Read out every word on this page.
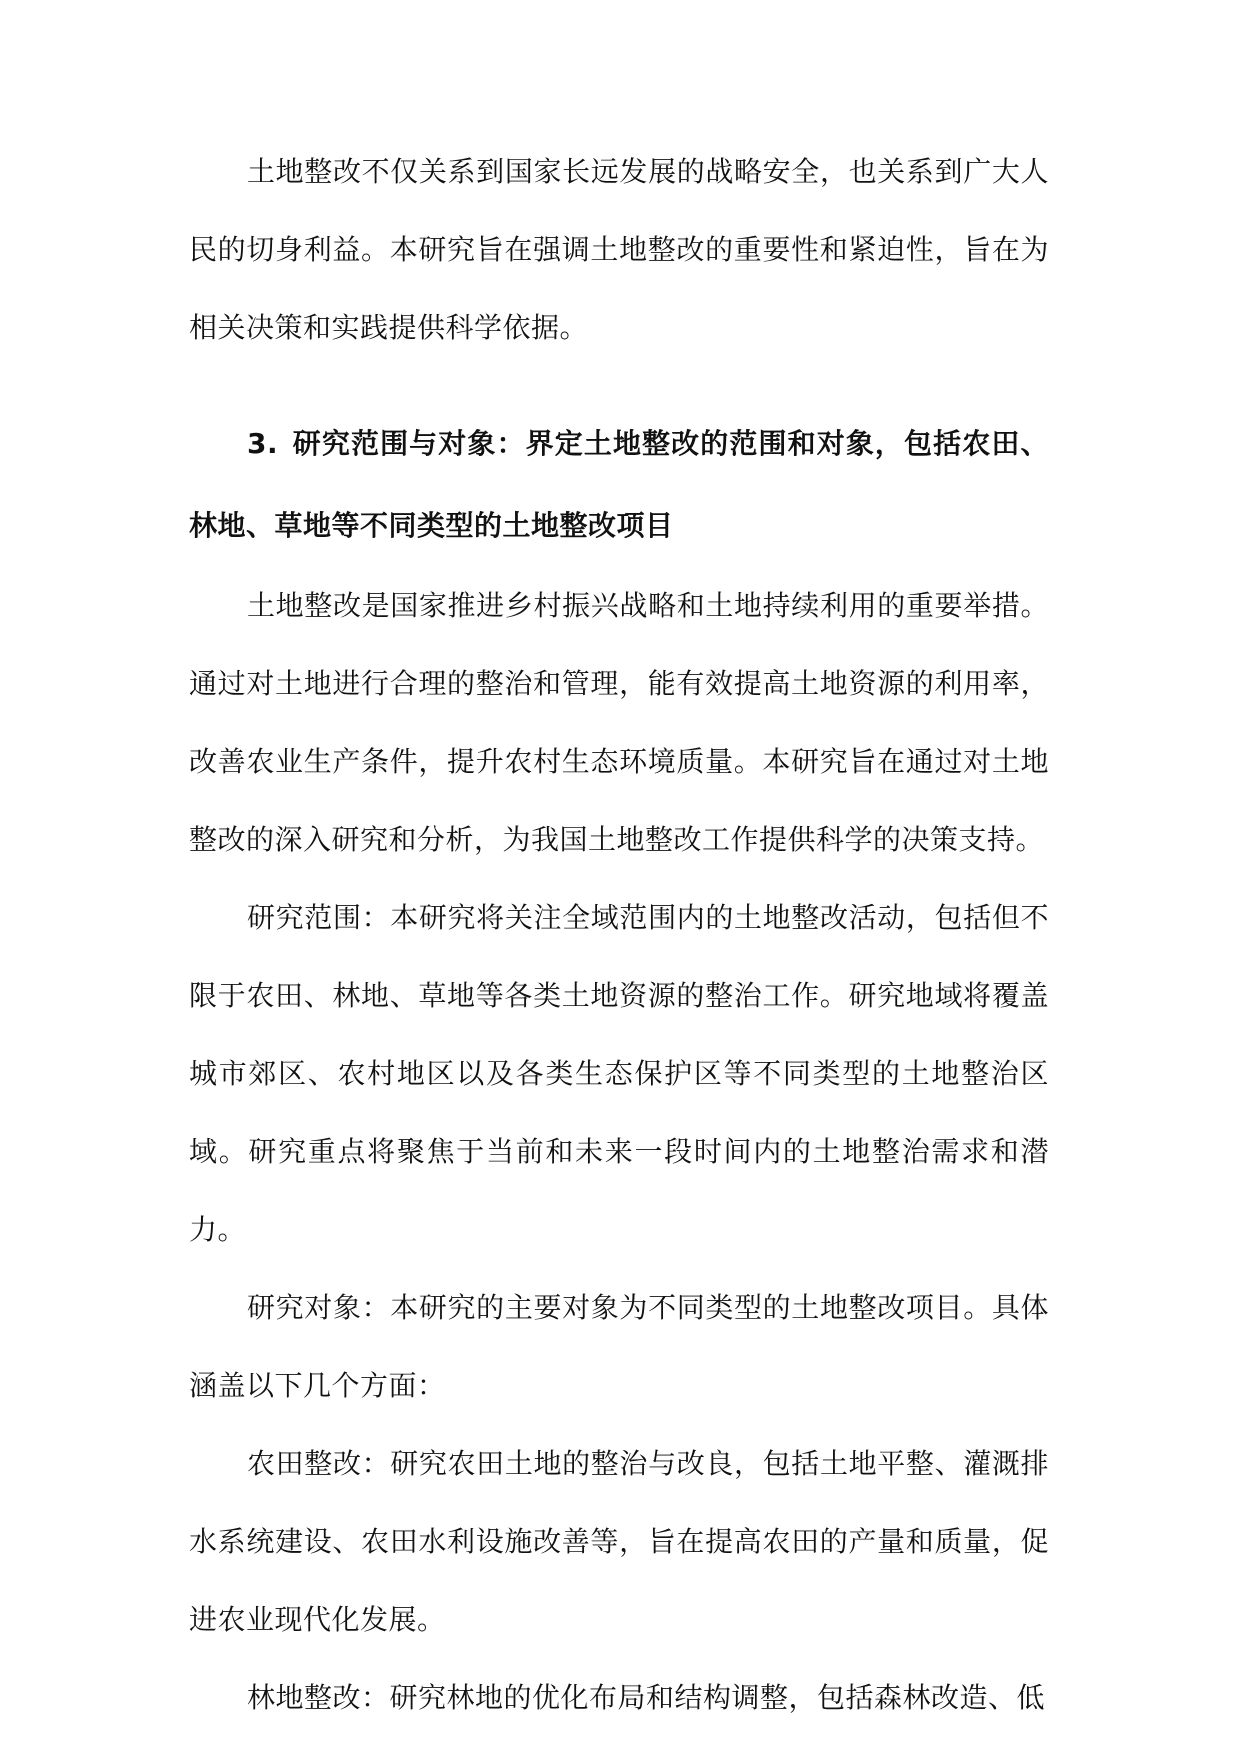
土地整改不仅关系到国家长远发展的战略安全，也关系到广大人民的切身利益。本研究旨在强调土地整改的重要性和紧迫性，旨在为相关决策和实践提供科学依据。

3. 研究范围与对象：界定土地整改的范围和对象，包括农田、林地、草地等不同类型的土地整改项目

土地整改是国家推进乡村振兴战略和土地持续利用的重要举措。通过对土地进行合理的整治和管理，能有效提高土地资源的利用率，改善农业生产条件，提升农村生态环境质量。本研究旨在通过对土地整改的深入研究和分析，为我国土地整改工作提供科学的决策支持。

研究范围：本研究将关注全域范围内的土地整改活动，包括但不限于农田、林地、草地等各类土地资源的整治工作。研究地域将覆盖城市郊区、农村地区以及各类生态保护区等不同类型的土地整治区域。研究重点将聚焦于当前和未来一段时间内的土地整治需求和潜力。

研究对象：本研究的主要对象为不同类型的土地整改项目。具体涵盖以下几个方面：

农田整改：研究农田土地的整治与改良，包括土地平整、灌溉排水系统建设、农田水利设施改善等，旨在提高农田的产量和质量，促进农业现代化发展。

林地整改：研究林地的优化布局和结构调整，包括森林改造、低
